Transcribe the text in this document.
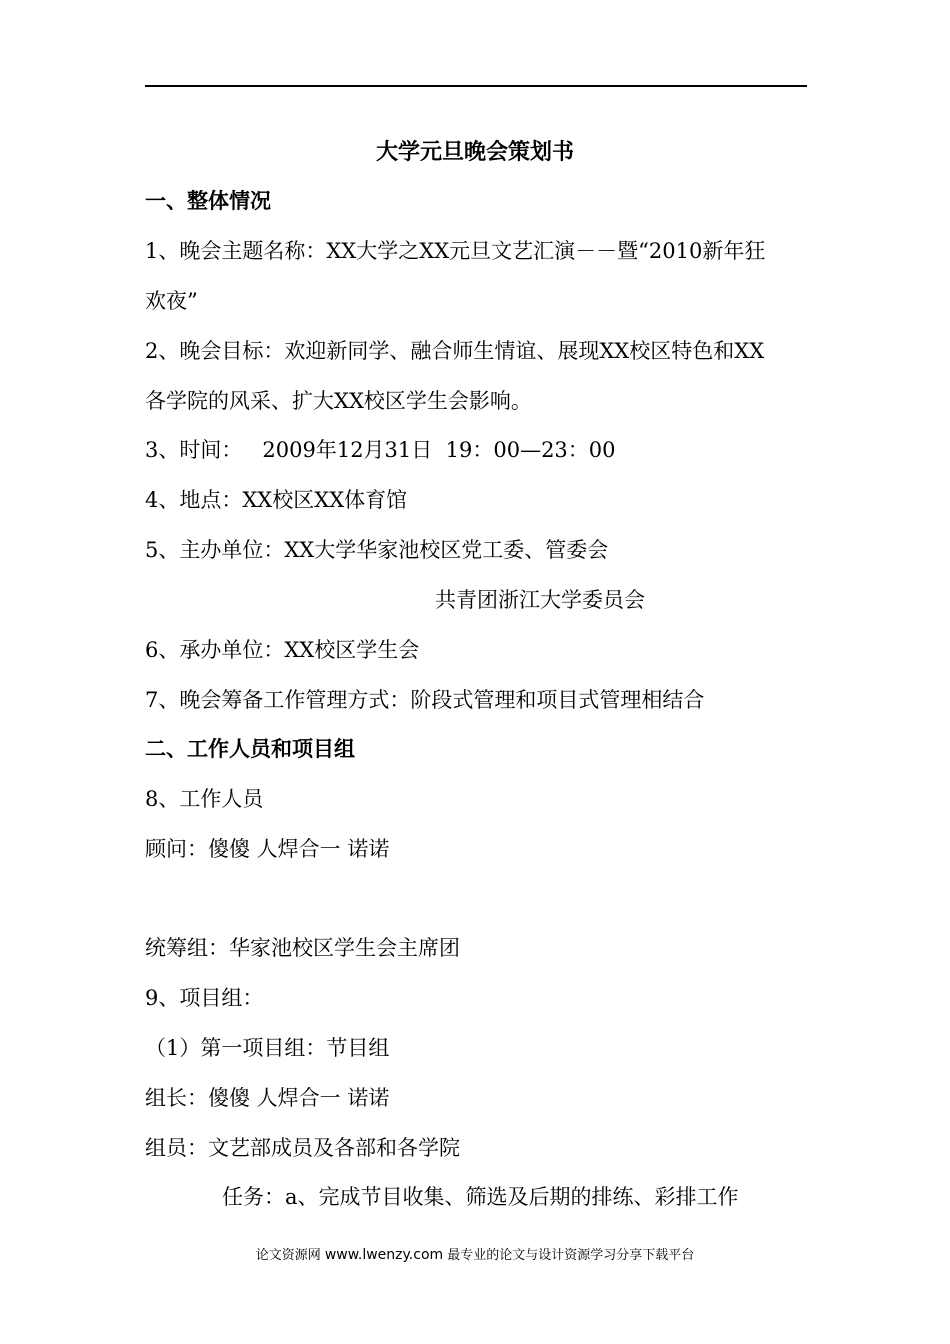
大学元旦晚会策划书
一、整体情况
1、晚会主题名称：XX大学之XX元旦文艺汇演－－暨“2010新年狂
欢夜”
2、晚会目标：欢迎新同学、融合师生情谊、展现XX校区特色和XX
各学院的风采、扩大XX校区学生会影响。
3、时间：   2009年12月31日  19：00—23：00
4、地点：XX校区XX体育馆
5、主办单位：XX大学华家池校区党工委、管委会
共青团浙江大学委员会
6、承办单位：XX校区学生会
7、晚会筹备工作管理方式：阶段式管理和项目式管理相结合
二、工作人员和项目组
8、工作人员
顾问：傻傻 人焊合一 诺诺
统筹组：华家池校区学生会主席团
9、项目组：
（1）第一项目组：节目组
组长：傻傻 人焊合一 诺诺
组员：文艺部成员及各部和各学院
任务：a、完成节目收集、筛选及后期的排练、彩排工作
论文资源网 www.lwenzy.com 最专业的论文与设计资源学习分享下载平台
